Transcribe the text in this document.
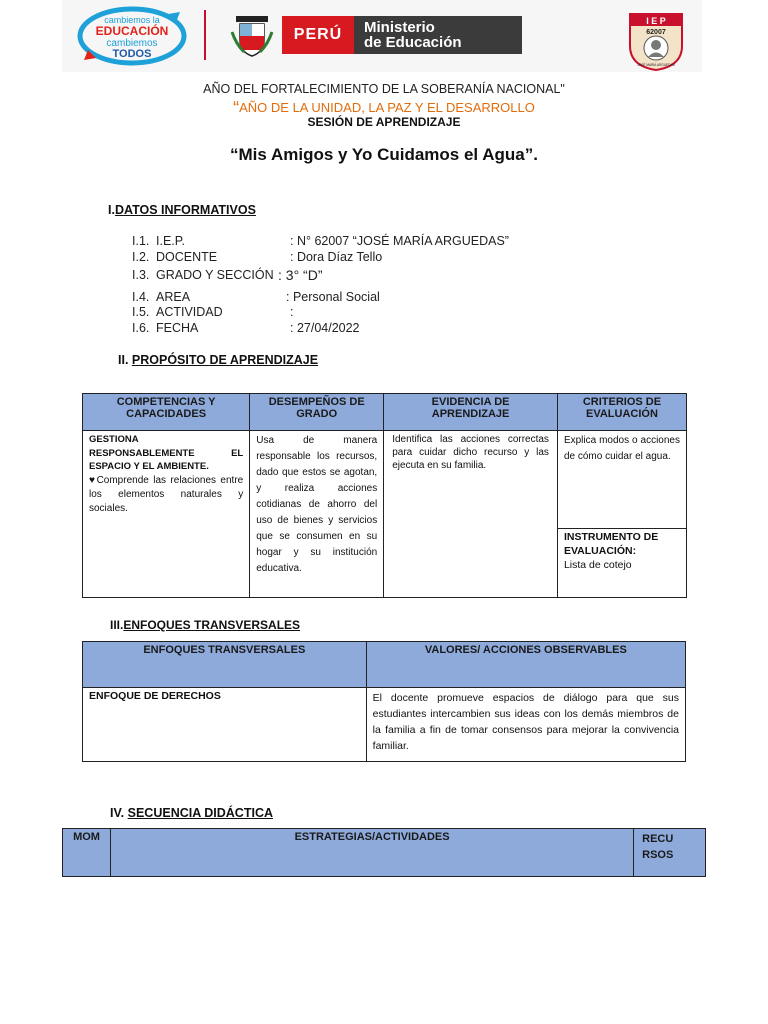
cambiemos la
EDUCACIÓN
cambiemos
TODOS
PERÚ	Ministerio
de Educación
I E P
62007
JOSÉ MARÍA ARGUEDAS
AÑO DEL FORTALECIMIENTO DE LA SOBERANÍA NACIONAL"
“AÑO DE LA UNIDAD, LA PAZ Y EL DESARROLLO
SESIÓN DE APRENDIZAJE
“Mis Amigos y Yo Cuidamos el Agua”.
I.DATOS INFORMATIVOS
I.1. I.E.P.	: N° 62007 “JOSÉ MARÍA ARGUEDAS”
I.2. DOCENTE	: Dora Díaz Tello
I.3. GRADO Y SECCIÓN : 3° “D”
I.4. AREA	: Personal Social
I.5. ACTIVIDAD	:
I.6. FECHA	: 27/04/2022
II. PROPÓSITO DE APRENDIZAJE
COMPETENCIAS Y CAPACIDADES	DESEMPEÑOS DE GRADO	EVIDENCIA DE APRENDIZAJE	CRITERIOS DE EVALUACIÓN

GESTIONA RESPONSABLEMENTE EL ESPACIO Y EL AMBIENTE.
♥Comprende las relaciones entre los elementos naturales y sociales.	Usa de manera responsable los recursos, dado que estos se agotan, y realiza acciones cotidianas de ahorro del uso de bienes y servicios que se consumen en su hogar y su institución educativa.	Identifica las acciones correctas para cuidar dicho recurso y las ejecuta en su familia.	Explica modos o acciones de cómo cuidar el agua.

			INSTRUMENTO DE EVALUACIÓN:
Lista de cotejo
III.ENFOQUES TRANSVERSALES
ENFOQUES TRANSVERSALES	VALORES/ ACCIONES OBSERVABLES
ENFOQUE DE DERECHOS	El docente promueve espacios de diálogo para que sus estudiantes intercambien sus ideas con los demás miembros de la familia a fin de tomar consensos para mejorar la convivencia familiar.
IV. SECUENCIA DIDÁCTICA
MOM	ESTRATEGIAS/ACTIVIDADES	RECU RSOS
